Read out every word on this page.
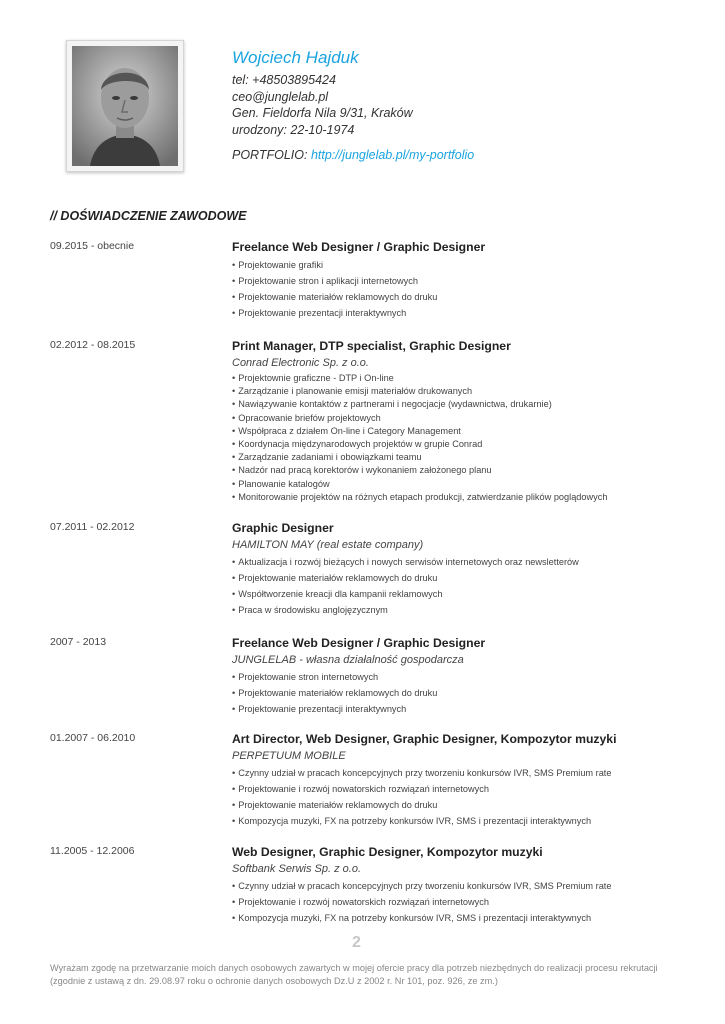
Wojciech Hajduk
tel: +48503895424
ceo@junglelab.pl
Gen. Fieldorfa Nila 9/31, Kraków
urodzony: 22-10-1974
PORTFOLIO: http://junglelab.pl/my-portfolio
// DOŚWIADCZENIE ZAWODOWE
09.2015 - obecnie	Freelance Web Designer / Graphic Designer
• Projektowanie grafiki
• Projektowanie stron i aplikacji internetowych
• Projektowanie materiałów reklamowych do druku
• Projektowanie prezentacji interaktywnych
02.2012 - 08.2015	Print Manager, DTP specialist, Graphic Designer
Conrad Electronic Sp. z o.o.
• Projektownie graficzne - DTP i On-line
• Zarządzanie i planowanie emisji materiałów drukowanych
• Nawiązywanie kontaktów z partnerami i negocjacje (wydawnictwa, drukarnie)
• Opracowanie briefów projektowych
• Współpraca z działem On-line i Category Management
• Koordynacja międzynarodowych projektów w grupie Conrad
• Zarządzanie zadaniami i obowiązkami teamu
• Nadzór nad pracą korektorów i wykonaniem założonego planu
• Planowanie katalogów
• Monitorowanie projektów na różnych etapach produkcji, zatwierdzanie plików poglądowych
07.2011 - 02.2012	Graphic Designer
HAMILTON MAY (real estate company)
• Aktualizacja i rozwój bieżących i nowych serwisów internetowych oraz newsletterów
• Projektowanie materiałów reklamowych do druku
• Współtworzenie kreacji dla kampanii reklamowych
• Praca w środowisku anglojęzycznym
2007 - 2013	Freelance Web Designer / Graphic Designer
JUNGLELAB - własna działalność gospodarcza
• Projektowanie stron internetowych
• Projektowanie materiałów reklamowych do druku
• Projektowanie prezentacji interaktywnych
01.2007 - 06.2010	Art Director, Web Designer, Graphic Designer, Kompozytor muzyki
PERPETUUM MOBILE
• Czynny udział w pracach koncepcyjnych przy tworzeniu konkursów IVR, SMS Premium rate
• Projektowanie i rozwój nowatorskich rozwiązań internetowych
• Projektowanie materiałów reklamowych do druku
• Kompozycja muzyki, FX na potrzeby konkursów IVR, SMS i prezentacji interaktywnych
11.2005 - 12.2006	Web Designer, Graphic Designer, Kompozytor muzyki
Softbank Serwis Sp. z o.o.
• Czynny udział w pracach koncepcyjnych przy tworzeniu konkursów IVR, SMS Premium rate
• Projektowanie i rozwój nowatorskich rozwiązań internetowych
• Kompozycja muzyki, FX na potrzeby konkursów IVR, SMS i prezentacji interaktywnych
2
Wyrażam zgodę na przetwarzanie moich danych osobowych zawartych w mojej ofercie pracy dla potrzeb niezbędnych do realizacji procesu rekrutacji (zgodnie z ustawą z dn. 29.08.97 roku o ochronie danych osobowych Dz.U z 2002 r. Nr 101, poz. 926, ze zm.)
